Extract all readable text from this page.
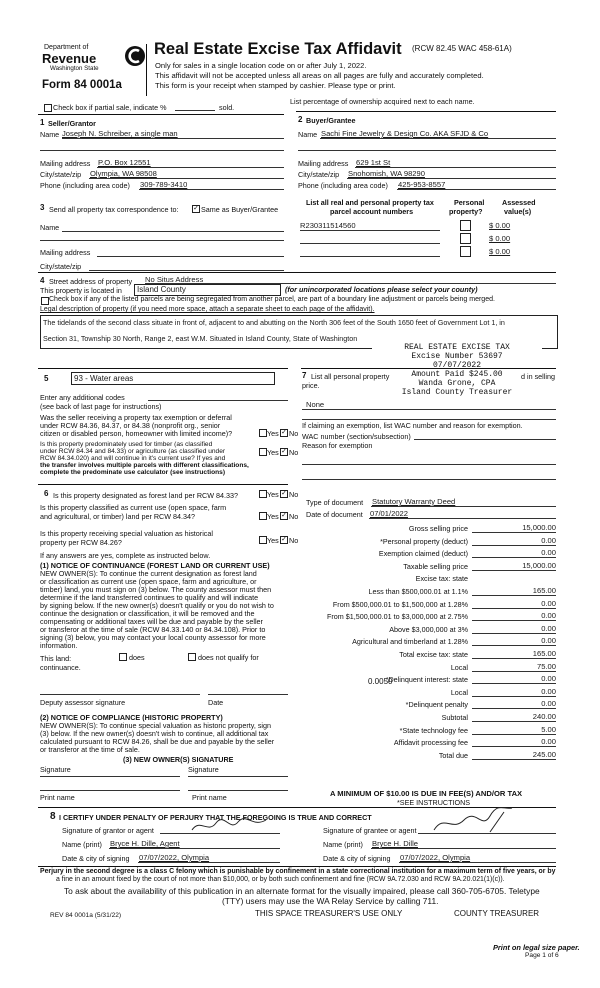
Department of
Revenue
Washington State
Form 84 0001a
Real Estate Excise Tax Affidavit (RCW 82.45 WAC 458-61A)
Only for sales in a single location code on or after July 1, 2022.
This affidavit will not be accepted unless all areas on all pages are fully and accurately completed.
This form is your receipt when stamped by cashier. Please type or print.
Check box if partial sale, indicate %	sold.
List percentage of ownership acquired next to each name.
1 Seller/Grantor
Name Joseph N. Schreiber, a single man
Mailing address P.O. Box 12551
City/state/zip Olympia, WA 98508
Phone (including area code) 309-789-3410
2 Buyer/Grantee
Name Sachi Fine Jewelry & Design Co. AKA SFJD & Co
Mailing address 629 1st St
City/state/zip Snohomish, WA 98290
Phone (including area code) 425-953-8557
3 Send all property tax correspondence to: ✓ Same as Buyer/Grantee
Name
Mailing address
City/state/zip
List all real and personal property tax
parcel account numbers
Personal
property?
Assessed
value(s)
R230311514560	$ 0.00
$ 0.00
$ 0.00
4 Street address of property No Situs Address
This property is located in	Island County	(for unincorporated locations please select your county)
Check box if any of the listed parcels are being segregated from another parcel, are part of a boundary line adjustment or parcels being merged.
Legal description of property (if you need more space, attach a separate sheet to each page of the affidavit).
The tidelands of the second class situate in front of, adjacent to and abutting on the North 306 feet of the South 1650 feet of Government Lot 1, in
Section 31, Township 30 North, Range 2, east W.M. Situated in Island County, State of Washington
REAL ESTATE EXCISE TAX
Excise Number 53697
07/07/2022
Amount Paid $245.00
Wanda Grone, CPA
Island County Treasurer
5	93 - Water areas
Enter any additional codes
(see back of last page for instructions)
Was the seller receiving a property tax exemption or deferral
under RCW 84.36, 84.37, or 84.38 (nonprofit org., senior
citizen or disabled person, homeowner with limited income)?	Yes ✓ No
Is this property predominately used for timber (as classified
under RCW 84.34 and 84.33) or agriculture (as classified under
RCW 84.34.020) and will continue in it's current use? If yes and
the transfer involves multiple parcels with different classifications,
complete the predominate use calculator (see instructions)
Yes ✓ No
7 List all personal property
price.
d in selling
None
If claiming an exemption, list WAC number and reason for exemption.
WAC number (section/subsection)
Reason for exemption
6 Is this property designated as forest land per RCW 84.33?	Yes ✓ No
Is this property classified as current use (open space, farm
and agricultural, or timber) land per RCW 84.34?	Yes ✓ No
Is this property receiving special valuation as historical
property per RCW 84.26?	Yes ✓ No
If any answers are yes, complete as instructed below.
(1) NOTICE OF CONTINUANCE (FOREST LAND OR CURRENT USE)
NEW OWNER(S): To continue the current designation as forest land
or classification as current use (open space, farm and agriculture, or
timber) land, you must sign on (3) below. The county assessor must then
determine if the land transferred continues to qualify and will indicate
by signing below. If the new owner(s) doesn't qualify or you do not wish to
continue the designation or classification, it will be removed and the
compensating or additional taxes will be due and payable by the seller
or transferor at the time of sale (RCW 84.33.140 or 84.34.108). Prior to
signing (3) below, you may contact your local county assessor for more
information.
This land:	does	does not qualify for
continuance.
Deputy assessor signature	Date
(2) NOTICE OF COMPLIANCE (HISTORIC PROPERTY)
NEW OWNER(S): To continue special valuation as historic property, sign
(3) below. If the new owner(s) doesn't wish to continue, all additional tax
calculated pursuant to RCW 84.26, shall be due and payable by the seller
or transferor at the time of sale.
(3) NEW OWNER(S) SIGNATURE
Signature	Signature
Print name	Print name
Type of document Statutory Warranty Deed
Date of document 07/01/2022
Gross selling price	15,000.00
*Personal property (deduct)	0.00
Exemption claimed (deduct)	0.00
Taxable selling price	15,000.00
Excise tax: state
Less than $500,000.01 at 1.1%	165.00
From $500,000.01 to $1,500,000 at 1.28%	0.00
From $1,500,000.01 to $3,000,000 at 2.75%	0.00
Above $3,000,000 at 3%	0.00
Agricultural and timberland at 1.28%	0.00
Total excise tax: state	165.00
Local	75.00
*Delinquent interest: state	0.00
Local	0.00
*Delinquent penalty	0.00
Subtotal	240.00
*State technology fee	5.00
Affidavit processing fee	0.00
Total due	245.00
0.0050
A MINIMUM OF $10.00 IS DUE IN FEE(S) AND/OR TAX
*SEE INSTRUCTIONS
8 I CERTIFY UNDER PENALTY OF PERJURY THAT THE FOREGOING IS TRUE AND CORRECT
Signature of grantor or agent	Signature of grantee or agent
Name (print) Bryce H. Dille, Agent	Name (print) Bryce H. Dille
Date & city of signing 07/07/2022, Olympia	Date & city of signing 07/07/2022, Olympia
Perjury in the second degree is a class C felony which is punishable by confinement in a state correctional institution for a maximum term of five years, or by
a fine in an amount fixed by the court of not more than $10,000, or by both such confinement and fine (RCW 9A.72.030 and RCW 9A.20.021(1)(c)).
To ask about the availability of this publication in an alternate format for the visually impaired, please call 360-705-6705. Teletype
(TTY) users may use the WA Relay Service by calling 711.
REV 84 0001a (5/31/22)	THIS SPACE TREASURER'S USE ONLY	COUNTY TREASURER
Print on legal size paper.
Page 1 of 6
